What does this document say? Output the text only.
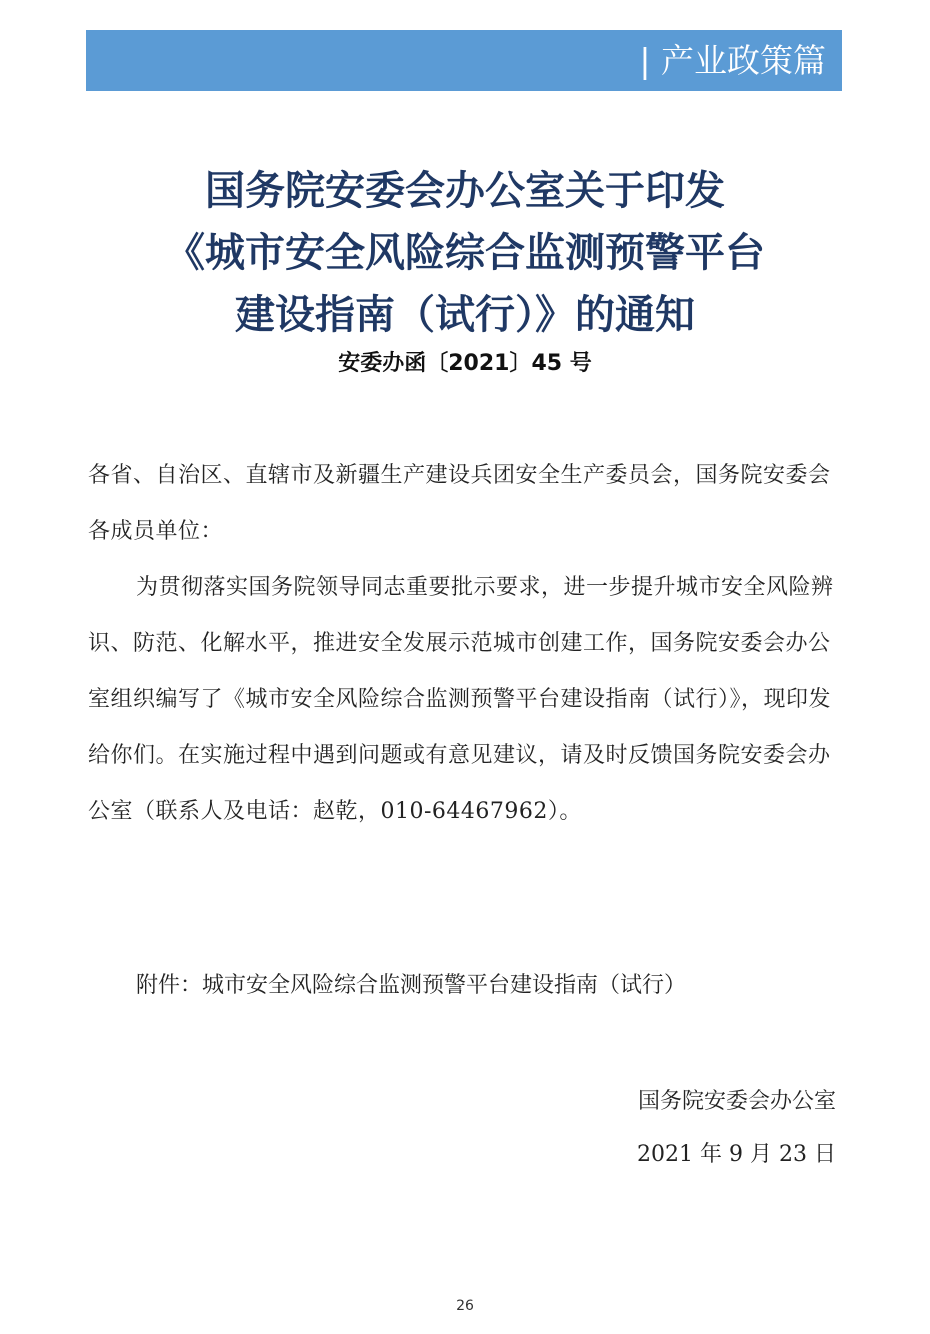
| 产业政策篇
国务院安委会办公室关于印发
《城市安全风险综合监测预警平台
建设指南（试行）》的通知
安委办函〔2021〕45 号
各省、自治区、直辖市及新疆生产建设兵团安全生产委员会，国务院安委会各成员单位：
为贯彻落实国务院领导同志重要批示要求，进一步提升城市安全风险辨识、防范、化解水平，推进安全发展示范城市创建工作，国务院安委会办公室组织编写了《城市安全风险综合监测预警平台建设指南（试行）》，现印发给你们。在实施过程中遇到问题或有意见建议，请及时反馈国务院安委会办公室（联系人及电话：赵乾，010-64467962）。
附件：城市安全风险综合监测预警平台建设指南（试行）
国务院安委会办公室
2021 年 9 月 23 日
26
